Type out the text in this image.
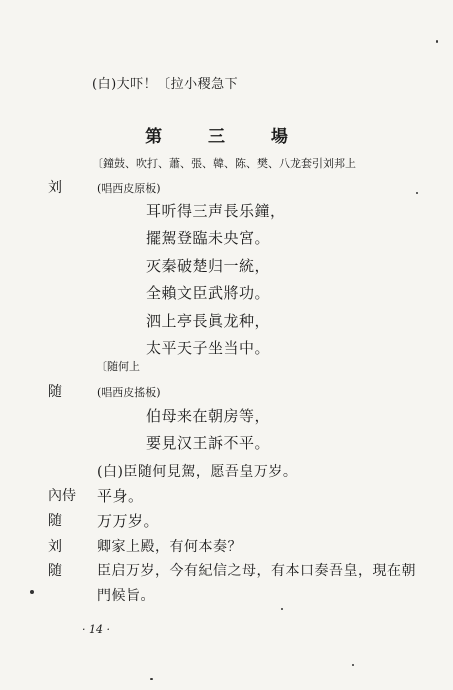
(白)大吓！〔拉小稷急下
第 三 場
〔鐘鼓、吹打、蕭、張、韓、陈、樊、八龙套引刘邦上
刘	(唱西皮原板)
耳听得三声長乐鐘，
擺駕登臨未央宮。
灭秦破楚归一統，
全賴文臣武將功。
泗上亭長眞龙种，
太平天子坐当中。
〔随何上
随	(唱西皮搖板)
伯母来在朝房等，
要見汉王訴不平。
(白)臣随何見駕，愿吾皇万岁。
內侍 平身。
随 万万岁。
刘	卿家上殿，有何本奏？
随	臣启万岁，今有紀信之母，有本口奏吾皇，現在朝
門候旨。
· 14 ·
